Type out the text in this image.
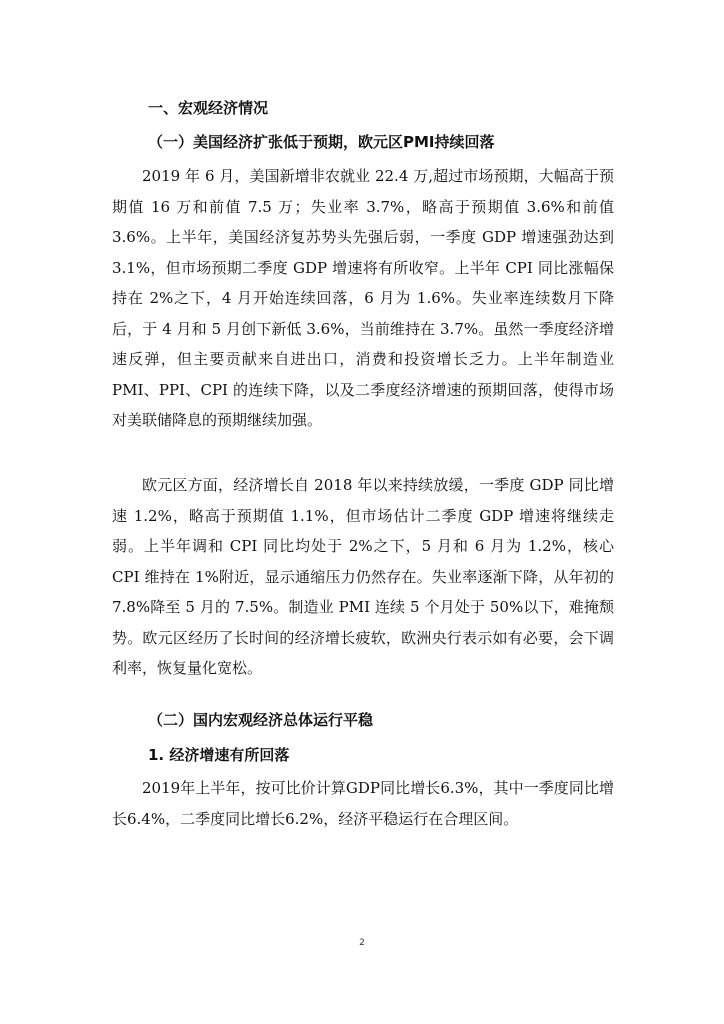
一、宏观经济情况
（一）美国经济扩张低于预期，欧元区PMI持续回落

2019 年 6 月，美国新增非农就业 22.4 万,超过市场预期，大幅高于预期值 16 万和前值 7.5 万；失业率 3.7%，略高于预期值 3.6%和前值 3.6%。上半年，美国经济复苏势头先强后弱，一季度 GDP 增速强劲达到 3.1%，但市场预期二季度 GDP 增速将有所收窄。上半年 CPI 同比涨幅保持在 2%之下，4 月开始连续回落，6 月为 1.6%。失业率连续数月下降后，于 4 月和 5 月创下新低 3.6%，当前维持在 3.7%。虽然一季度经济增速反弹，但主要贡献来自进出口，消费和投资增长乏力。上半年制造业 PMI、PPI、CPI 的连续下降，以及二季度经济增速的预期回落，使得市场对美联储降息的预期继续加强。

欧元区方面，经济增长自 2018 年以来持续放缓，一季度 GDP 同比增速 1.2%，略高于预期值 1.1%，但市场估计二季度 GDP 增速将继续走弱。上半年调和 CPI 同比均处于 2%之下，5 月和 6 月为 1.2%，核心 CPI 维持在 1%附近，显示通缩压力仍然存在。失业率逐渐下降，从年初的 7.8%降至 5 月的 7.5%。制造业 PMI 连续 5 个月处于 50%以下，难掩颓势。欧元区经历了长时间的经济增长疲软，欧洲央行表示如有必要，会下调利率，恢复量化宽松。

（二）国内宏观经济总体运行平稳
1. 经济增速有所回落

2019年上半年，按可比价计算GDP同比增长6.3%，其中一季度同比增长6.4%，二季度同比增长6.2%，经济平稳运行在合理区间。

2
